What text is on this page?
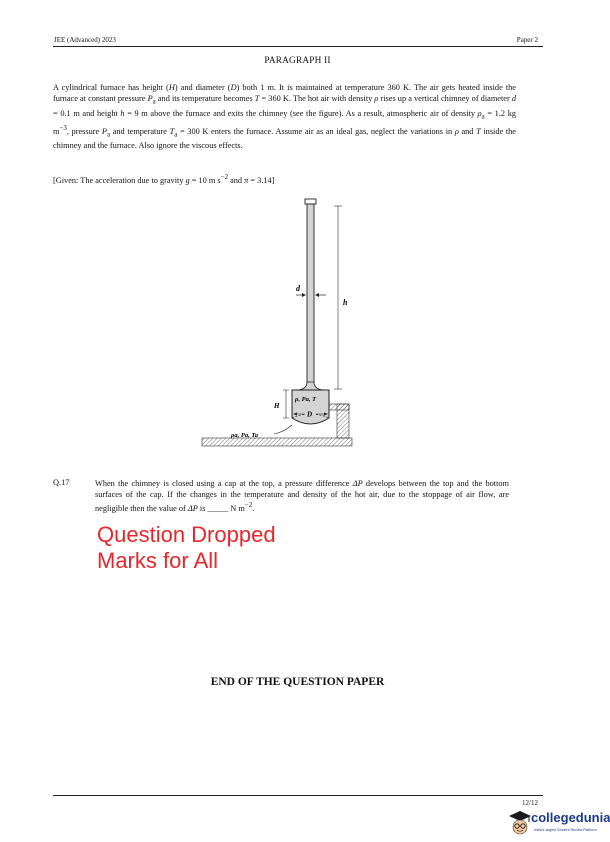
JEE (Advanced) 2023	Paper 2
PARAGRAPH II

A cylindrical furnace has height (H) and diameter (D) both 1 m. It is maintained at temperature 360 K. The air gets heated inside the furnace at constant pressure $P_a$ and its temperature becomes T = 360 K. The hot air with density ρ rises up a vertical chimney of diameter d = 0.1 m and height h = 9 m above the furnace and exits the chimney (see the figure). As a result, atmospheric air of density $\rho_a = 1.2$ kg $m^{-3}$, pressure $P_a$ and temperature $T_a = 300$ K enters the furnace. Assume air as an ideal gas, neglect the variations in ρ and T inside the chimney and the furnace. Also ignore the viscous effects.

[Given: The acceleration due to gravity g = 10 m $s^{-2}$ and π = 3.14]

h
d
H
D
ρ, Pa, T
ρa, Pa, Ta
Q.17	When the chimney is closed using a cap at the top, a pressure difference ΔP develops between the top and the bottom surfaces of the cap. If the changes in the temperature and density of the hot air, due to the stoppage of air flow, are negligible then the value of ΔP is _____ N $m^{-2}$.

Question Dropped
Marks for All
END OF THE QUESTION PAPER
12/12
collegedunia
India's largest Student Review Platform
